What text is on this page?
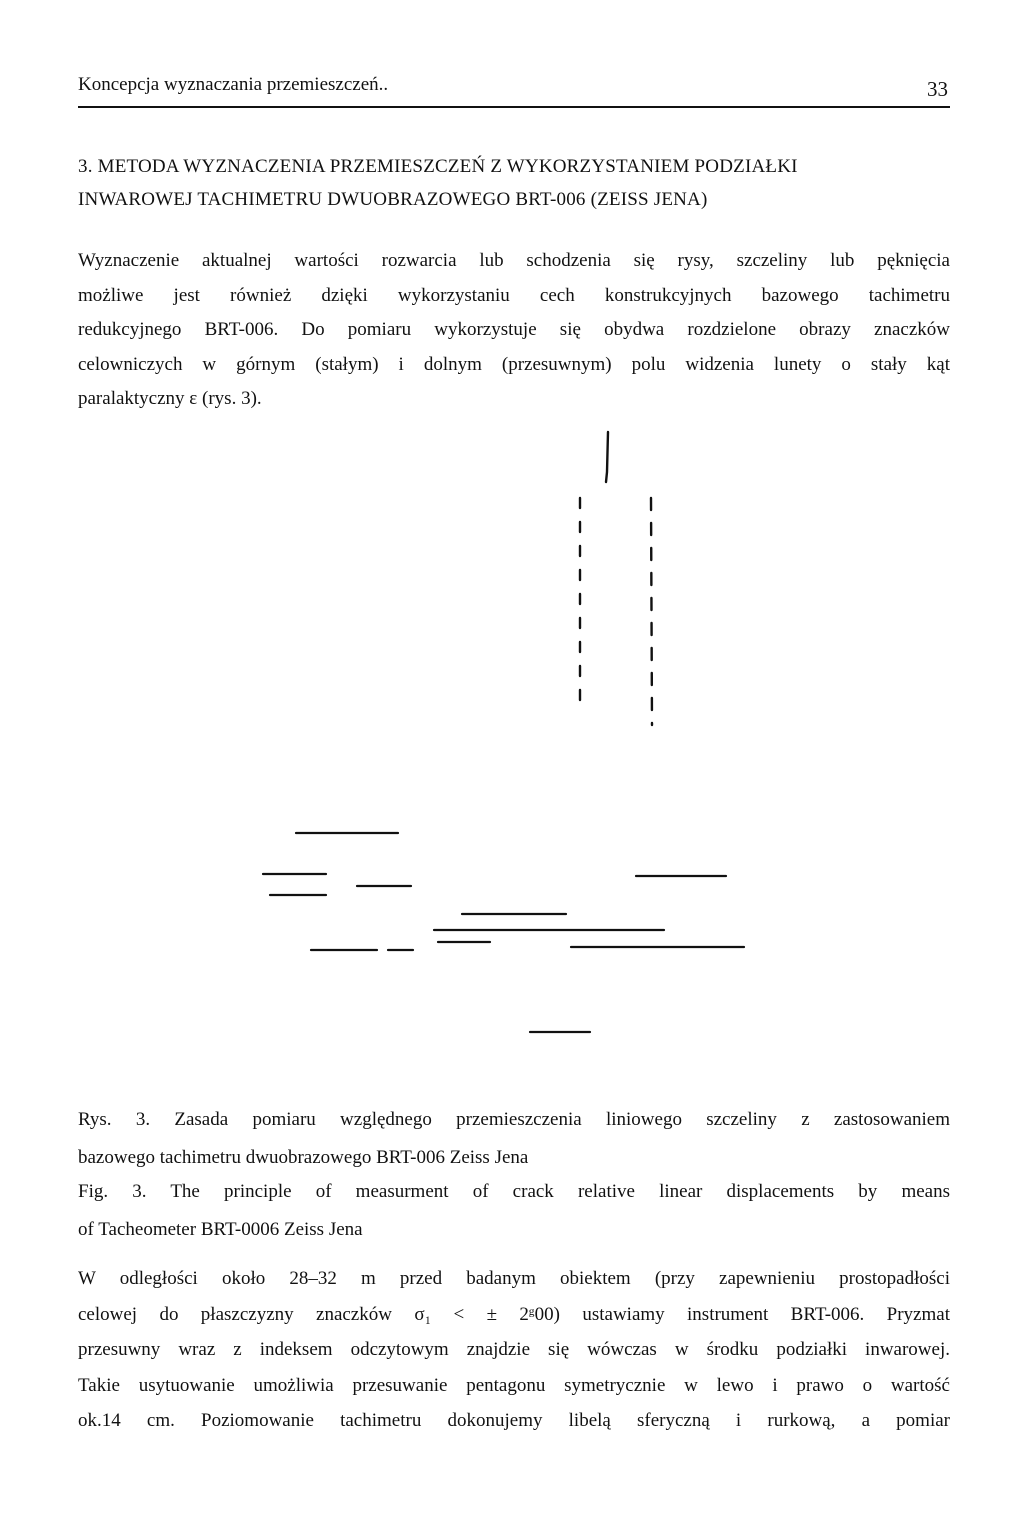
Koncepcja wyznaczania przemieszczeń..	33
3. METODA WYZNACZENIA PRZEMIESZCZEŃ Z WYKORZYSTANIEM PODZIAŁKI
INWAROWEJ TACHIMETRU DWUOBRAZOWEGO BRT-006 (ZEISS JENA)
Wyznaczenie aktualnej wartości rozwarcia lub schodzenia się rysy, szczeliny lub pęknięcia
możliwe jest również dzięki wykorzystaniu cech konstrukcyjnych bazowego tachimetru
redukcyjnego BRT-006. Do pomiaru wykorzystuje się obydwa rozdzielone obrazy znaczków
celowniczych w górnym (stałym) i dolnym (przesuwnym) polu widzenia lunety o stały kąt
paralaktyczny ε (rys. 3).
Rys. 3. Zasada pomiaru względnego przemieszczenia liniowego szczeliny z zastosowaniem
bazowego tachimetru dwuobrazowego BRT-006 Zeiss Jena
Fig. 3. The principle of measurment of crack relative linear displacements by means
of Tacheometer BRT-0006 Zeiss Jena
W odległości około 28–32 m przed badanym obiektem (przy zapewnieniu prostopadłości
celowej do płaszczyzny znaczków σ₁ < ± 2ᵍ00) ustawiamy instrument BRT-006. Pryzmat
przesuwny wraz z indeksem odczytowym znajdzie się wówczas w środku podziałki inwarowej.
Takie usytuowanie umożliwia przesuwanie pentagonu symetrycznie w lewo i prawo o wartość
ok.14 cm. Poziomowanie tachimetru dokonujemy libelą sferyczną i rurkową, a pomiar
